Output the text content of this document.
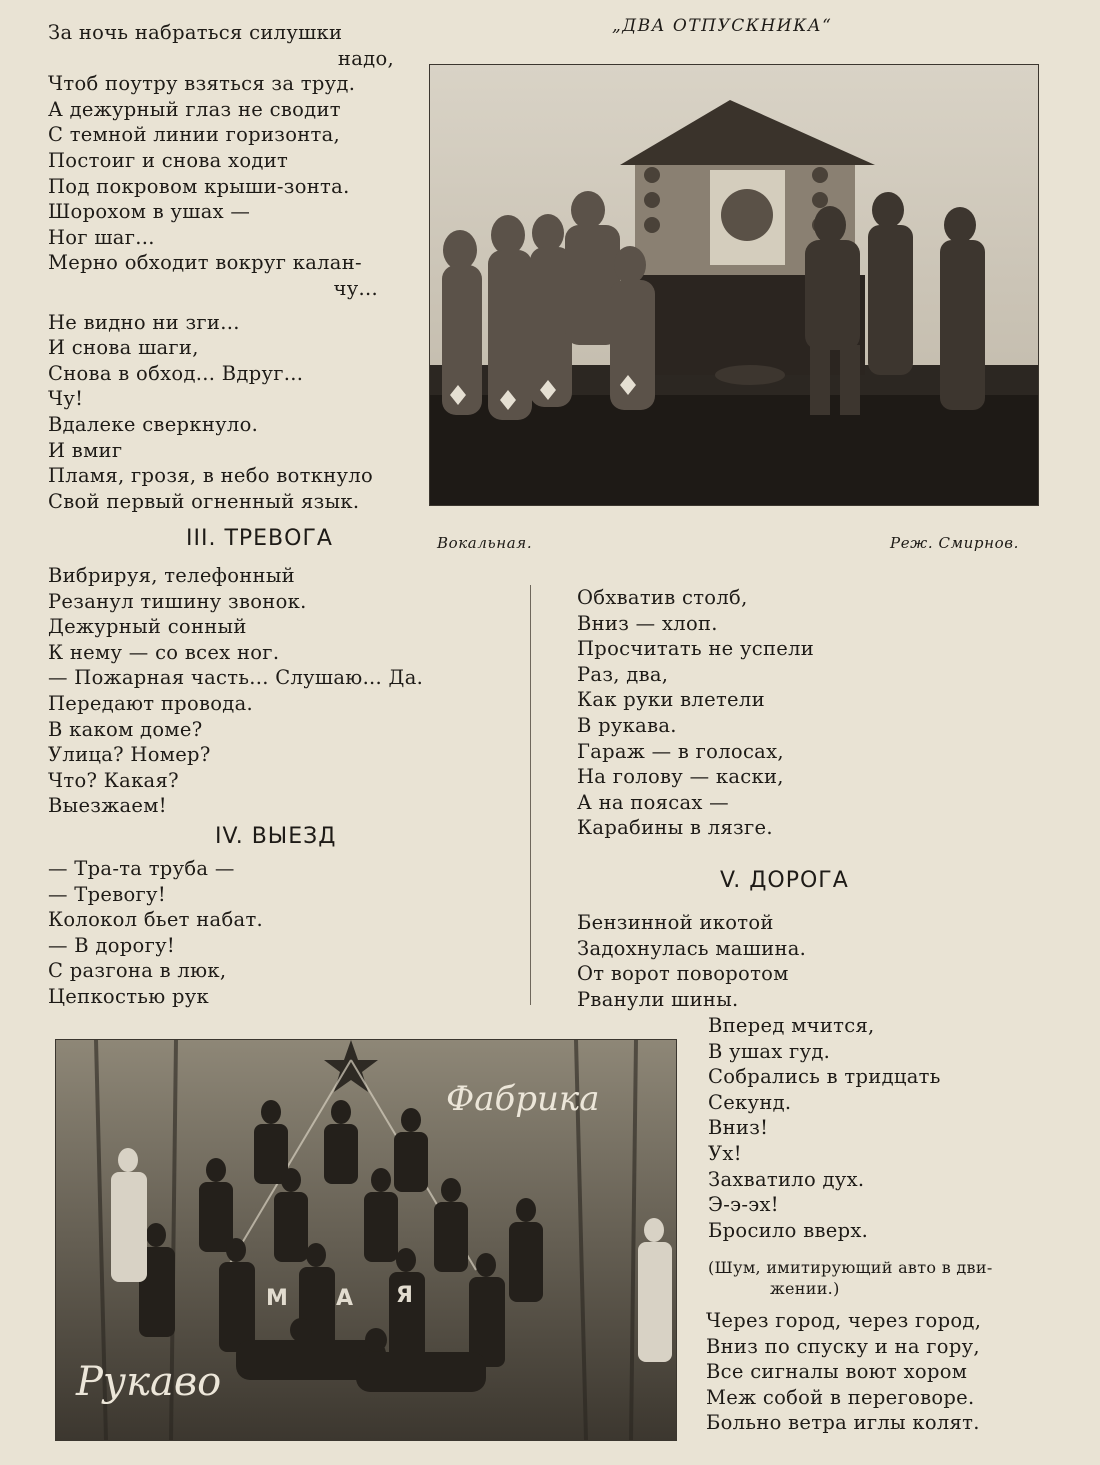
„ДВА ОТПУСКНИКА“
За ночь набраться силушки
надо,
Чтоб поутру взяться за труд.
А дежурный глаз не сводит
С темной линии горизонта,
Постоиг и снова ходит
Под покровом крыши-зонта.
Шорохом в ушах —
Ног шаг...
Мерно обходит вокруг калан-
чу...
Не видно ни зги...
И снова шаги,
Снова в обход... Вдруг...
Чу!
Вдалеке сверкнуло.
И вмиг
Пламя, грозя, в небо воткнуло
Свой первый огненный язык.
Вокальная.	Реж. Смирнов.
III. ТРЕВОГА
Вибрируя, телефонный
Резанул тишину звонок.
Дежурный сонный
К нему — со всех ног.
— Пожарная часть... Слушаю... Да.
Передают провода.
В каком доме?
Улица? Номер?
Что? Какая?
Выезжаем!
IV. ВЫЕЗД
— Тра-та труба —
— Тревогу!
Колокол бьет набат.
— В дорогу!
С разгона в люк,
Цепкостью рук
Обхватив столб,
Вниз — хлоп.
Просчитать не успели
Раз, два,
Как руки влетели
В рукава.
Гараж — в голосах,
На голову — каски,
А на поясах —
Карабины в лязге.
V. ДОРОГА
Бензинной икотой
Задохнулась машина.
От ворот поворотом
Рванули шины.
Вперед мчится,
В ушах гуд.
Собрались в тридцать
Секунд.
Вниз!
Ух!
Захватило дух.
Э-э-эх!
Бросило вверх.
(Шум, имитирующий авто в дви-
жении.)
Через город, через город,
Вниз по спуску и на гору,
Все сигналы воют хором
Меж собой в переговоре.
Больно ветра иглы колят.
М А Я
Рукаво
Фабрика
